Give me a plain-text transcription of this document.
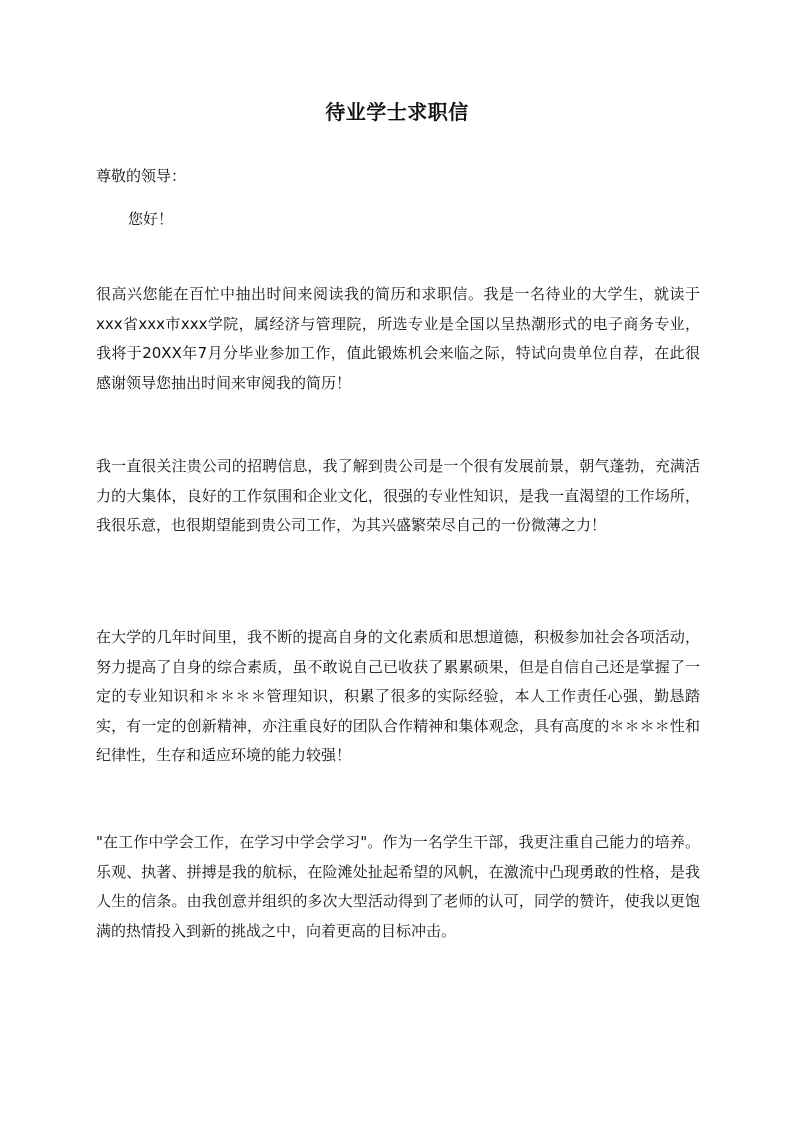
待业学士求职信
尊敬的领导：
您好！

很高兴您能在百忙中抽出时间来阅读我的简历和求职信。我是一名待业的大学生，就读于xxx省xxx市xxx学院，属经济与管理院，所选专业是全国以呈热潮形式的电子商务专业，我将于20XX年7月分毕业参加工作，值此锻炼机会来临之际，特试向贵单位自荐，在此很感谢领导您抽出时间来审阅我的简历！

我一直很关注贵公司的招聘信息，我了解到贵公司是一个很有发展前景，朝气蓬勃，充满活力的大集体，良好的工作氛围和企业文化，很强的专业性知识，是我一直渴望的工作场所，我很乐意，也很期望能到贵公司工作，为其兴盛繁荣尽自己的一份微薄之力！

在大学的几年时间里，我不断的提高自身的文化素质和思想道德，积极参加社会各项活动，努力提高了自身的综合素质，虽不敢说自己已收获了累累硕果，但是自信自己还是掌握了一定的专业知识和＊＊＊＊管理知识，积累了很多的实际经验，本人工作责任心强，勤恳踏实，有一定的创新精神，亦注重良好的团队合作精神和集体观念，具有高度的＊＊＊＊性和纪律性，生存和适应环境的能力较强！

"在工作中学会工作，在学习中学会学习"。作为一名学生干部，我更注重自己能力的培养。乐观、执著、拼搏是我的航标，在险滩处扯起希望的风帆，在激流中凸现勇敢的性格，是我人生的信条。由我创意并组织的多次大型活动得到了老师的认可，同学的赞许，使我以更饱满的热情投入到新的挑战之中，向着更高的目标冲击。
